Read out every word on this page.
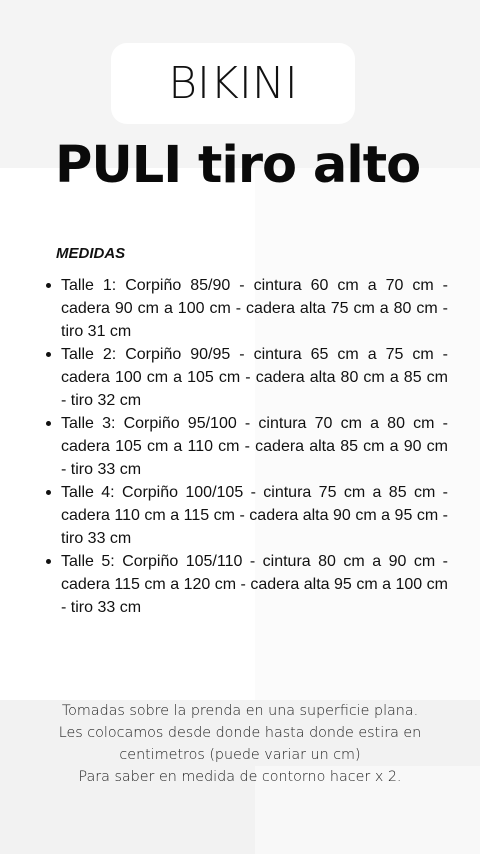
BIKINI
PULI tiro alto
MEDIDAS
Talle 1: Corpiño 85/90 - cintura 60 cm a 70 cm - cadera 90 cm a 100 cm - cadera alta 75 cm a 80 cm - tiro 31 cm
Talle 2: Corpiño 90/95 - cintura 65 cm a 75 cm - cadera 100 cm a 105 cm - cadera alta 80 cm a 85 cm - tiro 32 cm
Talle 3: Corpiño 95/100 - cintura 70 cm a 80 cm - cadera 105 cm a 110 cm - cadera alta 85 cm a 90 cm - tiro 33 cm
Talle 4: Corpiño 100/105 - cintura 75 cm a 85 cm - cadera 110 cm a 115 cm - cadera alta 90 cm a 95 cm - tiro 33 cm
Talle 5: Corpiño 105/110 - cintura 80 cm a 90 cm - cadera 115 cm a 120 cm - cadera alta 95 cm a 100 cm - tiro 33 cm
Tomadas sobre la prenda en una superficie plana.
Les colocamos desde donde hasta donde estira en
centimetros (puede variar un cm)
Para saber en medida de contorno hacer x 2.
